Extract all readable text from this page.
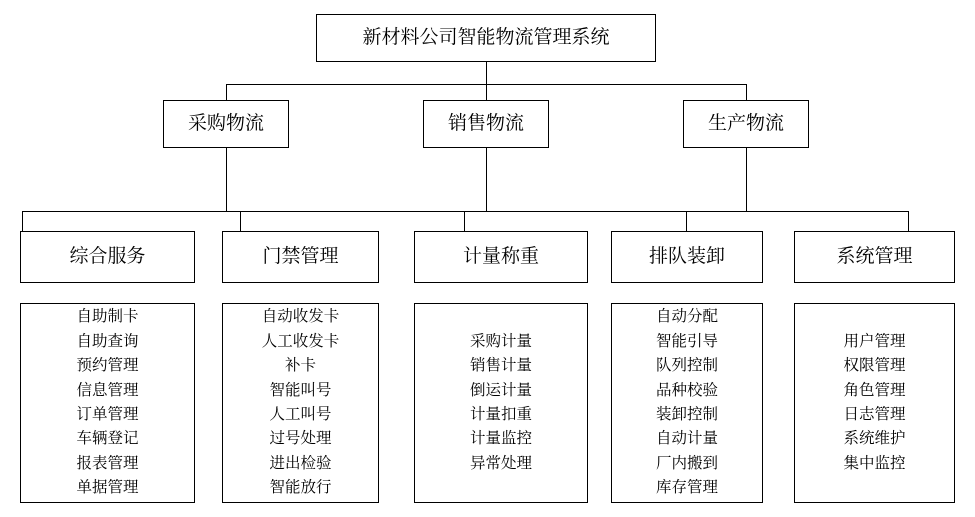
新材料公司智能物流管理系统
采购物流	销售物流	生产物流
综合服务	门禁管理	计量称重	排队装卸	系统管理
自助制卡
自助查询
预约管理
信息管理
订单管理
车辆登记
报表管理
单据管理
自动收发卡
人工收发卡
补卡
智能叫号
人工叫号
过号处理
进出检验
智能放行
采购计量
销售计量
倒运计量
计量扣重
计量监控
异常处理
自动分配
智能引导
队列控制
品种校验
装卸控制
自动计量
厂内搬到
库存管理
用户管理
权限管理
角色管理
日志管理
系统维护
集中监控
